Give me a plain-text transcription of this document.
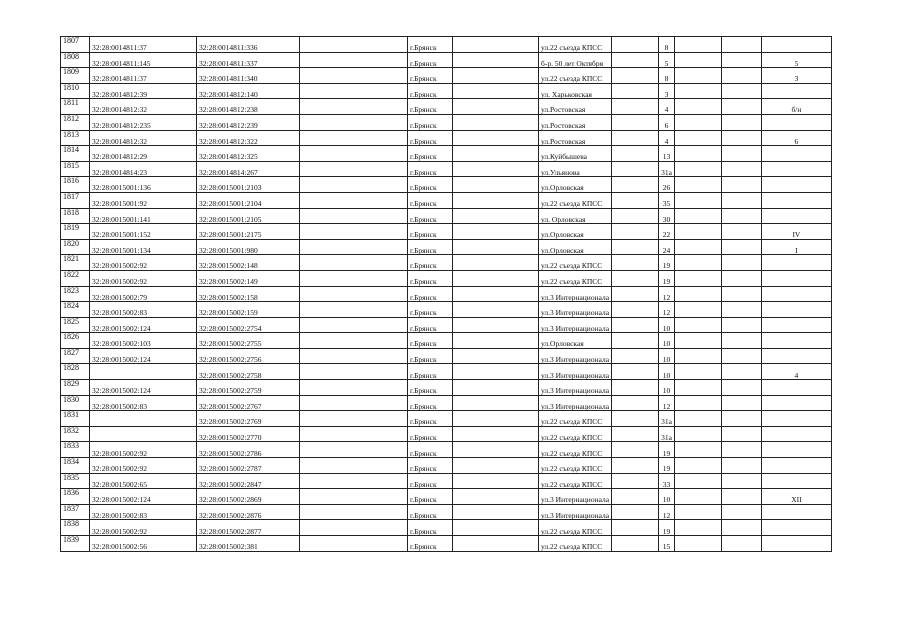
1807	32:28:0014811:37	32:28:0014811:336		г.Брянск		ул.22 съезда КПСС		8			
1808	32:28:0014811:145	32:28:0014811:337		г.Брянск		б-р. 50 лет Октября		5			5
1809	32:28:0014811:37	32:28:0014811:340		г.Брянск		ул.22 съезда КПСС		8			3
1810	32:28:0014812:39	32:28:0014812:140		г.Брянск		ул. Харьковская		3			
1811	32:28:0014812:32	32:28:0014812:238		г.Брянск		ул.Ростовская		4			б/н
1812	32:28:0014812:235	32:28:0014812:239		г.Брянск		ул.Ростовская		6			
1813	32:28:0014812:32	32:28:0014812:322		г.Брянск		ул.Ростовская		4			6
1814	32:28:0014812:29	32:28:0014812:325		г.Брянск		ул.Куйбышева		13			
1815	32:28:0014814:23	32:28:0014814:267		г.Брянск		ул.Ульянова		31а			
1816	32:28:0015001:136	32:28:0015001:2103		г.Брянск		ул.Орловская		26			
1817	32:28:0015001:92	32:28:0015001:2104		г.Брянск		ул.22 съезда КПСС		35			
1818	32:28:0015001:141	32:28:0015001:2105		г.Брянск		ул. Орловская		30			
1819	32:28:0015001:152	32:28:0015001:2175		г.Брянск		ул.Орловская		22			IV
1820	32:28:0015001:134	32:28:0015001:980		г.Брянск		ул.Орловская		24			I
1821	32:28:0015002:92	32:28:0015002:148		г.Брянск		ул.22 съезда КПСС		19			
1822	32:28:0015002:92	32:28:0015002:149		г.Брянск		ул.22 съезда КПСС		19			
1823	32:28:0015002:79	32:28:0015002:158		г.Брянск		ул.3 Интернационала		12			
1824	32:28:0015002:83	32:28:0015002:159		г.Брянск		ул.3 Интернационала		12			
1825	32:28:0015002:124	32:28:0015002:2754		г.Брянск		ул.3 Интернационала		10			
1826	32:28:0015002:103	32:28:0015002:2755		г.Брянск		ул.Орловская		10			
1827	32:28:0015002:124	32:28:0015002:2756		г.Брянск		ул.3 Интернационала		10			
1828		32:28:0015002:2758		г.Брянск		ул.3 Интернационала		10			4
1829	32:28:0015002:124	32:28:0015002:2759		г.Брянск		ул.3 Интернационала		10			
1830	32:28:0015002:83	32:28:0015002:2767		г.Брянск		ул.3 Интернационала		12			
1831		32:28:0015002:2769		г.Брянск		ул.22 съезда КПСС		31а			
1832		32:28:0015002:2770		г.Брянск		ул.22 съезда КПСС		31а			
1833	32:28:0015002:92	32:28:0015002:2786		г.Брянск		ул.22 съезда КПСС		19			
1834	32:28:0015002:92	32:28:0015002:2787		г.Брянск		ул.22 съезда КПСС		19			
1835	32:28:0015002:65	32:28:0015002:2847		г.Брянск		ул.22 съезда КПСС		33			
1836	32:28:0015002:124	32:28:0015002:2869		г.Брянск		ул.3 Интернационала		10			XII
1837	32:28:0015002:83	32:28:0015002:2876		г.Брянск		ул.3 Интернационала		12			
1838	32:28:0015002:92	32:28:0015002:2877		г.Брянск		ул.22 съезда КПСС		19			
1839	32:28:0015002:56	32:28:0015002:381		г.Брянск		ул.22 съезда КПСС		15			
